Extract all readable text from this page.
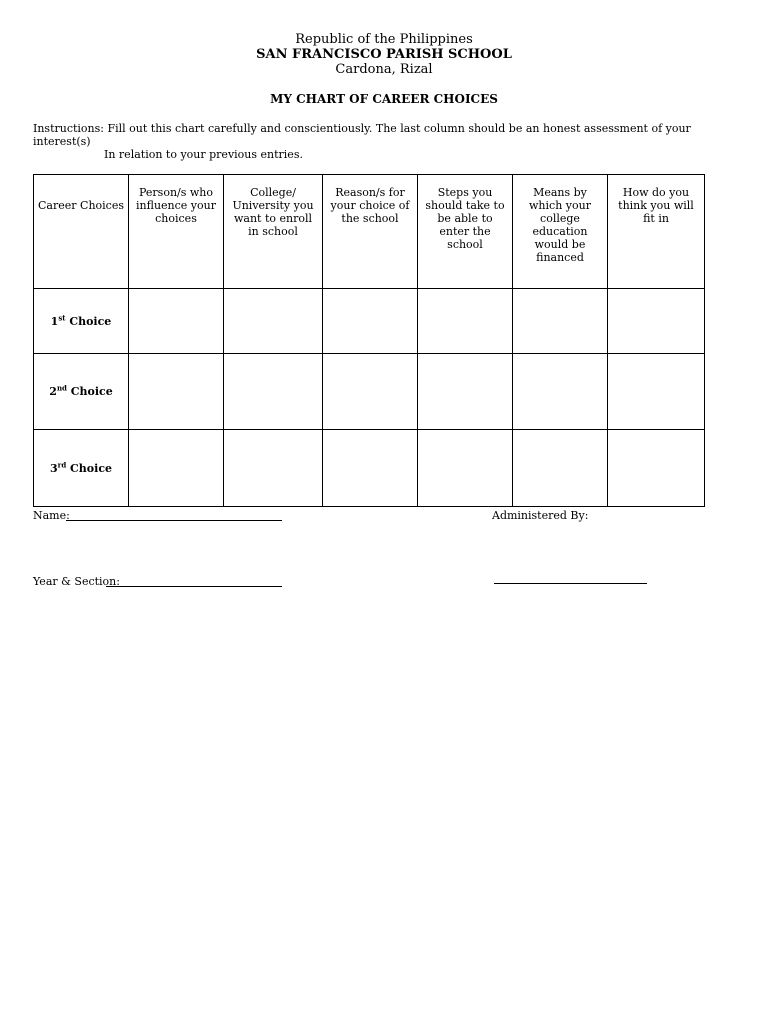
Republic of the Philippines
SAN FRANCISCO PARISH SCHOOL
Cardona, Rizal
MY CHART OF CAREER CHOICES
Instructions: Fill out this chart carefully and conscientiously. The last column should be an honest assessment of your interest(s)
In relation to your previous entries.
Career Choices	Person/s who influence your choices	College/ University you want to enroll in school	Reason/s for your choice of the school	Steps you should take to be able to enter the school	Means by which your college education would be financed	How do you think you will fit in
1st Choice						
2nd Choice						
3rd Choice						
Name:	Administered By:
Year & Section:
